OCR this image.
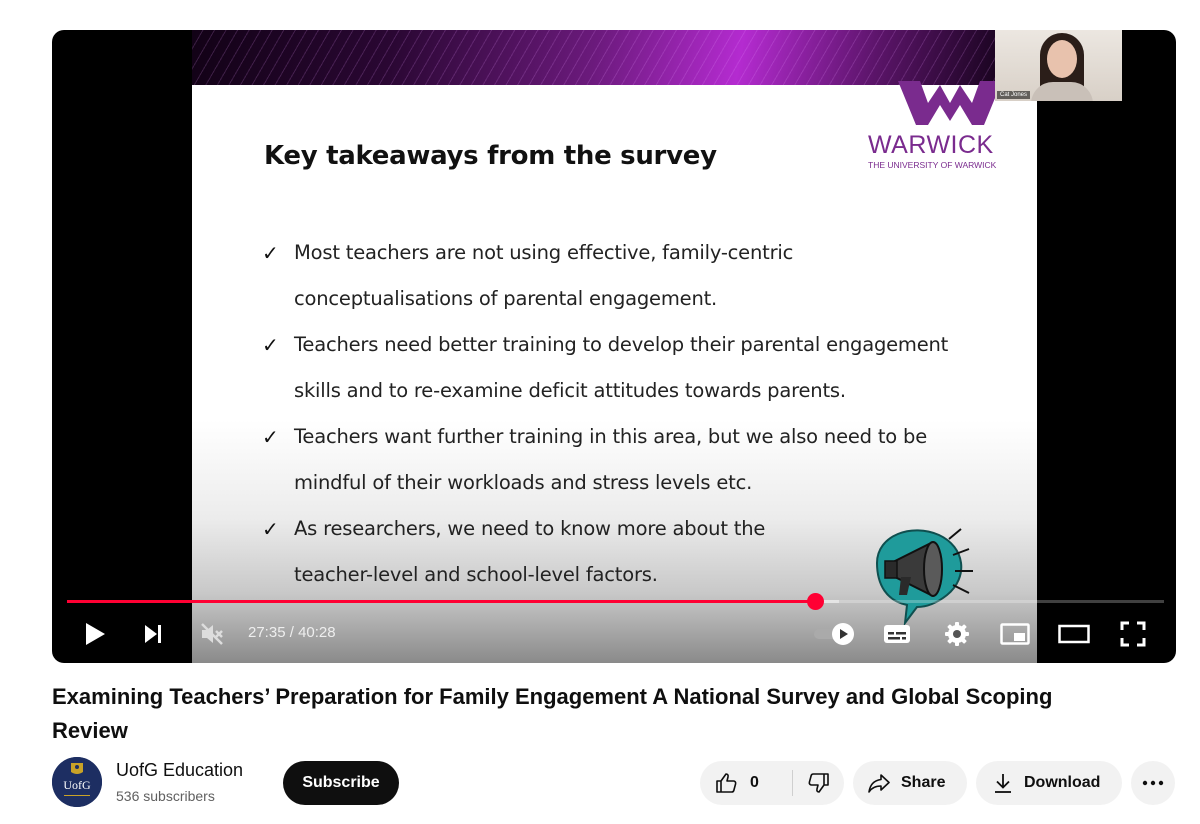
Key takeaways from the survey	WARWICK
THE UNIVERSITY OF WARWICK
✓ Most teachers are not using effective, family-centric
conceptualisations of parental engagement.
✓ Teachers need better training to develop their parental engagement
skills and to re-examine deficit attitudes towards parents.
✓ Teachers want further training in this area, but we also need to be
mindful of their workloads and stress levels etc.
✓ As researchers, we need to know more about the
teacher-level and school-level factors.
Cat Jones
27:35 / 40:28
Examining Teachers’ Preparation for Family Engagement A National Survey and Global Scoping Review
UofG
UofG Education
536 subscribers
Subscribe	0	Share	Download
